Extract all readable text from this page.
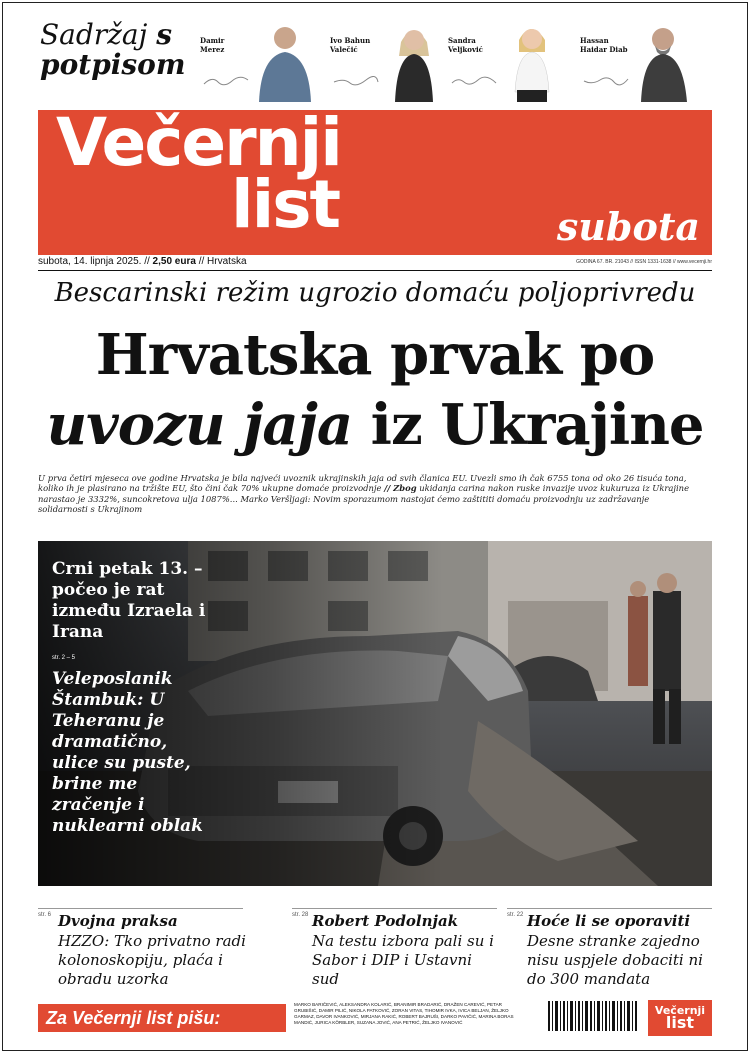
Sadržaj s
potpisom
Damir Merez
Ivo Bahun Valečić
Sandra Veljković
Hassan Haidar Diab
Večernji
list	subota
subota, 14. lipnja 2025. // 2,50 eura // Hrvatska	GODINA 67. BR. 21043 // ISSN 1331-1638 // www.vecernji.hr
Bescarinski režim ugrozio domaću poljoprivredu
Hrvatska prvak po
uvozu jaja iz Ukrajine
U prva četiri mjeseca ove godine Hrvatska je bila najveći uvoznik ukrajinskih jaja od svih članica EU. Uvezli smo ih čak 6755 tona od oko 26 tisuća tona, koliko ih je plasirano na tržište EU, što čini čak 70% ukupne domaće proizvodnje // Zbog ukidanja carina nakon ruske invazije uvoz kukuruza iz Ukrajine narastao je 3332%, suncokretova ulja 1087%... Marko Veršljagi: Novim sporazumom nastojat ćemo zaštititi domaću proizvodnju uz zadržavanje solidarnosti s Ukrajinom
Crni petak 13. – počeo je rat između Izraela i Irana
str. 2 – 5
Veleposlanik Štambuk: U Teheranu je dramatično, ulice su puste, brine me zračenje i nuklearni oblak
str. 6 Dvojna praksa
HZZO: Tko privatno radi kolonoskopiju, plaća i obradu uzorka
str. 28 Robert Podolnjak
Na testu izbora pali su i Sabor i DIP i Ustavni sud
str. 22 Hoće li se oporaviti
Desne stranke zajedno nisu uspjele dobaciti ni do 300 mandata
Za Večernji list pišu:
MARKO BARIČEVIĆ, ALEKSANDRA KOLARIĆ, BRANIMIR BRADARIĆ, DRAŽEN CAREVIĆ, PETAR GRUBIŠIĆ, DAMIR PILIĆ, NIKOLA PATKOVIĆ, ZORAN VITAS, TIHOMIR IVKA, IVICA BELJAN, ŽELJKO GARMAZ, DAVOR IVANKOVIĆ, MIRJANA RAKIĆ, ROBERT BAJRUŠI, DARKO PAVIČIĆ, MARINA BORAS MANDIĆ, JURICA KÖRBLER, SUZANA JOVIĆ, ANA PETRIĆ, ŽELJKO IVANOVIĆ
Večernji
list
